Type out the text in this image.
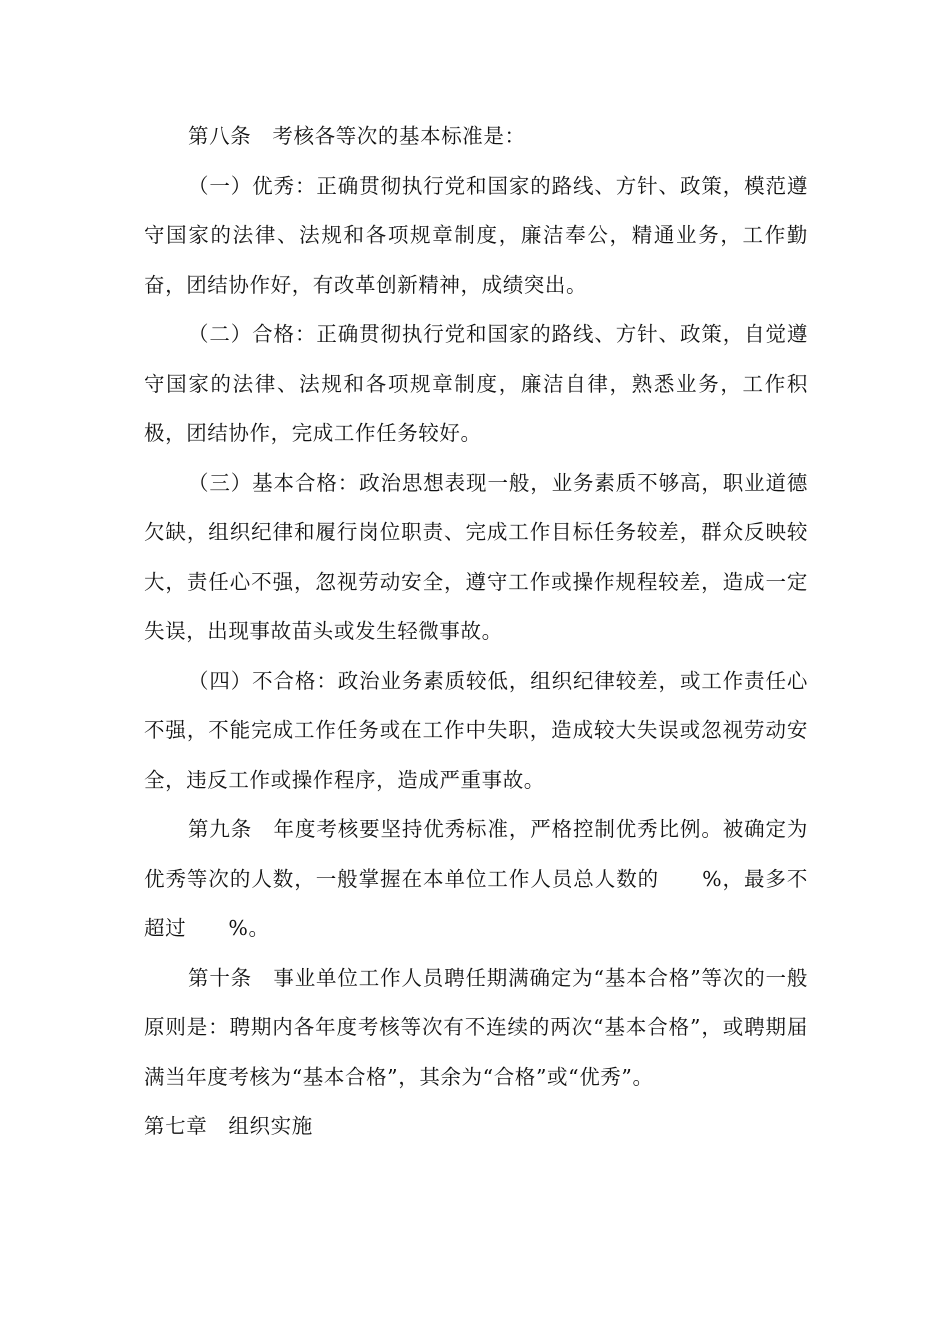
第八条　考核各等次的基本标准是：

（一）优秀：正确贯彻执行党和国家的路线、方针、政策，模范遵守国家的法律、法规和各项规章制度，廉洁奉公，精通业务，工作勤奋，团结协作好，有改革创新精神，成绩突出。

（二）合格：正确贯彻执行党和国家的路线、方针、政策，自觉遵守国家的法律、法规和各项规章制度，廉洁自律，熟悉业务，工作积极，团结协作，完成工作任务较好。

（三）基本合格：政治思想表现一般，业务素质不够高，职业道德欠缺，组织纪律和履行岗位职责、完成工作目标任务较差，群众反映较大，责任心不强，忽视劳动安全，遵守工作或操作规程较差，造成一定失误，出现事故苗头或发生轻微事故。

（四）不合格：政治业务素质较低，组织纪律较差，或工作责任心不强，不能完成工作任务或在工作中失职，造成较大失误或忽视劳动安全，违反工作或操作程序，造成严重事故。

第九条　年度考核要坚持优秀标准，严格控制优秀比例。被确定为优秀等次的人数，一般掌握在本单位工作人员总人数的　　%，最多不超过　　%。

第十条　事业单位工作人员聘任期满确定为“基本合格”等次的一般原则是：聘期内各年度考核等次有不连续的两次“基本合格”，或聘期届满当年度考核为“基本合格”，其余为“合格”或“优秀”。

第七章　组织实施
